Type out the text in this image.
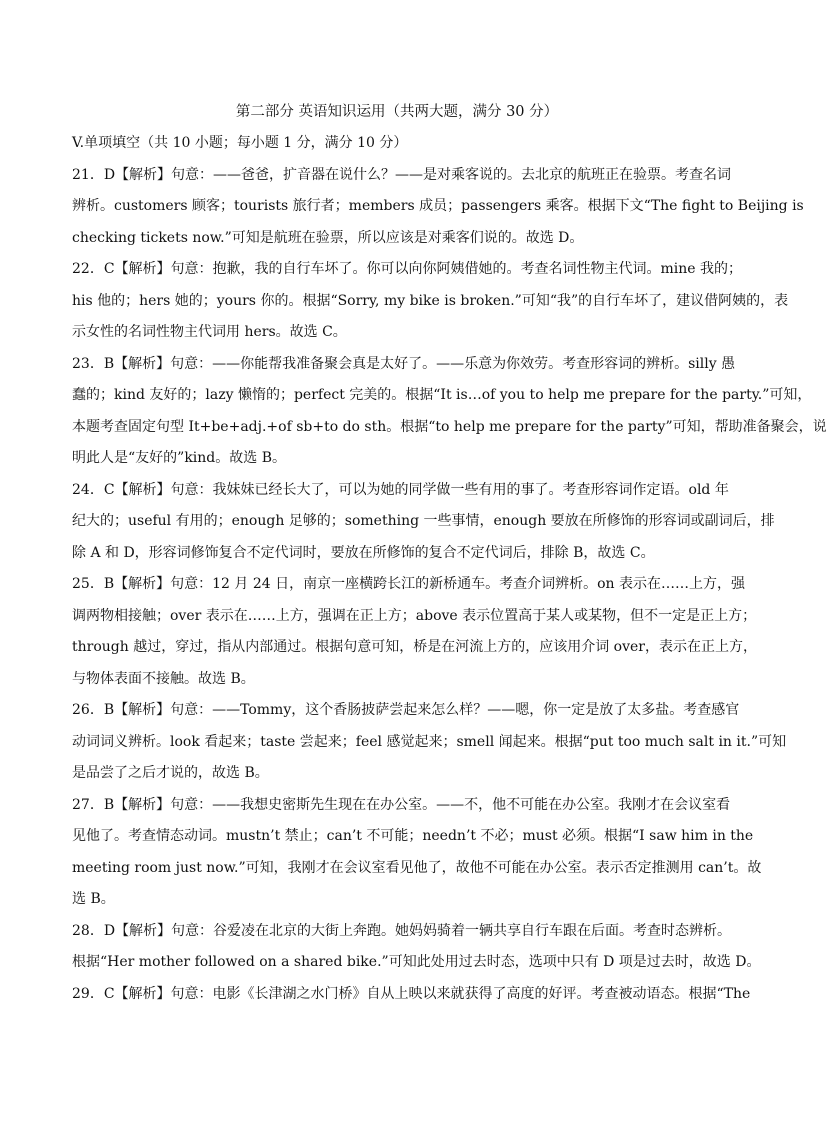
第二部分 英语知识运用（共两大题，满分 30 分）

V.单项填空（共 10 小题；每小题 1 分，满分 10 分）

21．D【解析】句意：——爸爸，扩音器在说什么？——是对乘客说的。去北京的航班正在验票。考查名词
辨析。customers 顾客；tourists 旅行者；members 成员；passengers 乘客。根据下文“The fight to Beijing is
checking tickets now.”可知是航班在验票，所以应该是对乘客们说的。故选 D。

22．C【解析】句意：抱歉，我的自行车坏了。你可以向你阿姨借她的。考查名词性物主代词。mine 我的；
his 他的；hers 她的；yours 你的。根据“Sorry, my bike is broken.”可知“我”的自行车坏了，建议借阿姨的，表
示女性的名词性物主代词用 hers。故选 C。

23．B【解析】句意：——你能帮我准备聚会真是太好了。——乐意为你效劳。考查形容词的辨析。silly 愚
蠢的；kind 友好的；lazy 懒惰的；perfect 完美的。根据“It is…of you to help me prepare for the party.”可知，
本题考查固定句型 It+be+adj.+of sb+to do sth。根据“to help me prepare for the party”可知，帮助准备聚会，说
明此人是“友好的”kind。故选 B。

24．C【解析】句意：我妹妹已经长大了，可以为她的同学做一些有用的事了。考查形容词作定语。old 年
纪大的；useful 有用的；enough 足够的；something 一些事情，enough 要放在所修饰的形容词或副词后，排
除 A 和 D，形容词修饰复合不定代词时，要放在所修饰的复合不定代词后，排除 B，故选 C。

25．B【解析】句意：12 月 24 日，南京一座横跨长江的新桥通车。考查介词辨析。on 表示在……上方，强
调两物相接触；over 表示在……上方，强调在正上方；above 表示位置高于某人或某物，但不一定是正上方；
through 越过，穿过，指从内部通过。根据句意可知，桥是在河流上方的，应该用介词 over，表示在正上方，
与物体表面不接触。故选 B。

26．B【解析】句意：——Tommy，这个香肠披萨尝起来怎么样？——嗯，你一定是放了太多盐。考查感官
动词词义辨析。look 看起来；taste 尝起来；feel 感觉起来；smell 闻起来。根据“put too much salt in it.”可知
是品尝了之后才说的，故选 B。

27．B【解析】句意：——我想史密斯先生现在在办公室。——不，他不可能在办公室。我刚才在会议室看
见他了。考查情态动词。mustn’t 禁止；can’t 不可能；needn’t 不必；must 必须。根据“I saw him in the
meeting room just now.”可知，我刚才在会议室看见他了，故他不可能在办公室。表示否定推测用 can’t。故
选 B。

28．D【解析】句意：谷爱凌在北京的大街上奔跑。她妈妈骑着一辆共享自行车跟在后面。考查时态辨析。
根据“Her mother followed on a shared bike.”可知此处用过去时态，选项中只有 D 项是过去时，故选 D。

29．C【解析】句意：电影《长津湖之水门桥》自从上映以来就获得了高度的好评。考查被动语态。根据“The
